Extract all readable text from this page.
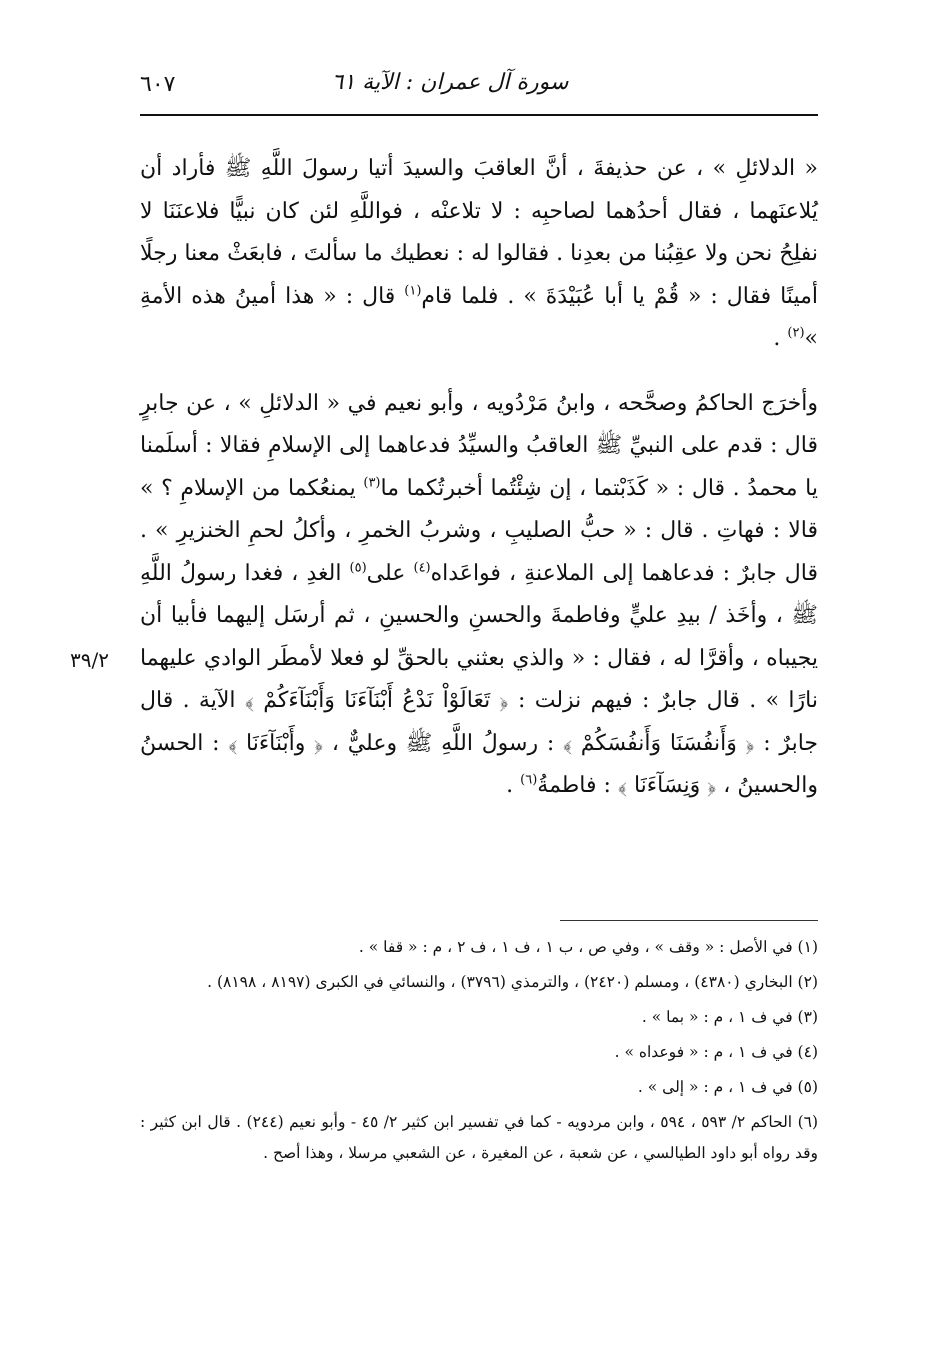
سورة آل عمران : الآية ٦١
٦٠٧

« الدلائلِ » ، عن حذيفةَ ، أنَّ العاقبَ والسيدَ أتيا رسولَ اللَّهِ ﷺ فأراد أن يُلاعنَهما ، فقال أحدُهما لصاحبِه : لا تلاعنْه ، فواللَّهِ لئن كان نبيًّا فلاعنَنَا لا نفلِحُ نحن ولا عقِبُنا من بعدِنا . فقالوا له : نعطيك ما سألتَ ، فابعَثْ معنا رجلًا أمينًا فقال : « قُمْ يا أبا عُبَيْدَةَ » . فلما قام$^{(١)}$ قال : « هذا أمينُ هذه الأمةِ »$^{(٢)}$ .

وأخرَج الحاكمُ وصحَّحه ، وابنُ مَرْدُويه ، وأبو نعيم في « الدلائلِ » ، عن جابرٍ قال : قدم على النبيِّ ﷺ العاقبُ والسيِّدُ فدعاهما إلى الإسلامِ فقالا : أسلَمنا يا محمدُ . قال : « كَذَبْتما ، إن شِئْتُما أخبرتُكما ما$^{(٣)}$ يمنعُكما من الإسلامِ ؟ » قالا : فهاتِ . قال : « حبُّ الصليبِ ، وشربُ الخمرِ ، وأكلُ لحمِ الخنزيرِ » . قال جابرٌ : فدعاهما إلى الملاعنةِ ، فواعَداه$^{(٤)}$ على$^{(٥)}$ الغدِ ، فغدا رسولُ اللَّهِ ﷺ ، وأخَذ / بيدِ عليٍّ وفاطمةَ والحسنِ والحسينِ ، ثم أرسَل إليهما فأبيا أن يجيباه ، وأقرَّا له ، فقال : « والذي بعثني بالحقِّ لو فعلا لأمطَر الوادي عليهما نارًا » . قال جابرٌ : فيهم نزلت : ﴿ تَعَالَوْاْ نَدْعُ أَبْنَآءَنَا وَأَبْنَآءَكُمْ ﴾ الآية . قال جابرٌ : ﴿ وَأَنفُسَنَا وَأَنفُسَكُمْ ﴾ : رسولُ اللَّهِ ﷺ وعليٌّ ، ﴿ وأَبْنَآءَنَا ﴾ : الحسنُ والحسينُ ، ﴿ وَنِسَآءَنَا ﴾ : فاطمةُ$^{(٦)}$ .

٣٩/٢

(١) في الأصل : « وقف » ، وفي ص ، ب ١ ، ف ١ ، ف ٢ ، م : « قفا » .

(٢) البخاري (٤٣٨٠) ، ومسلم (٢٤٢٠) ، والترمذي (٣٧٩٦) ، والنسائي في الكبرى (٨١٩٧ ، ٨١٩٨) .

(٣) في ف ١ ، م : « بما » .

(٤) في ف ١ ، م : « فوعداه » .

(٥) في ف ١ ، م : « إلى » .

(٦) الحاكم ٢/ ٥٩٣ ، ٥٩٤ ، وابن مردويه - كما في تفسير ابن كثير ٢/ ٤٥ - وأبو نعيم (٢٤٤) . قال ابن كثير : وقد رواه أبو داود الطيالسي ، عن شعبة ، عن المغيرة ، عن الشعبي مرسلا ، وهذا أصح .
